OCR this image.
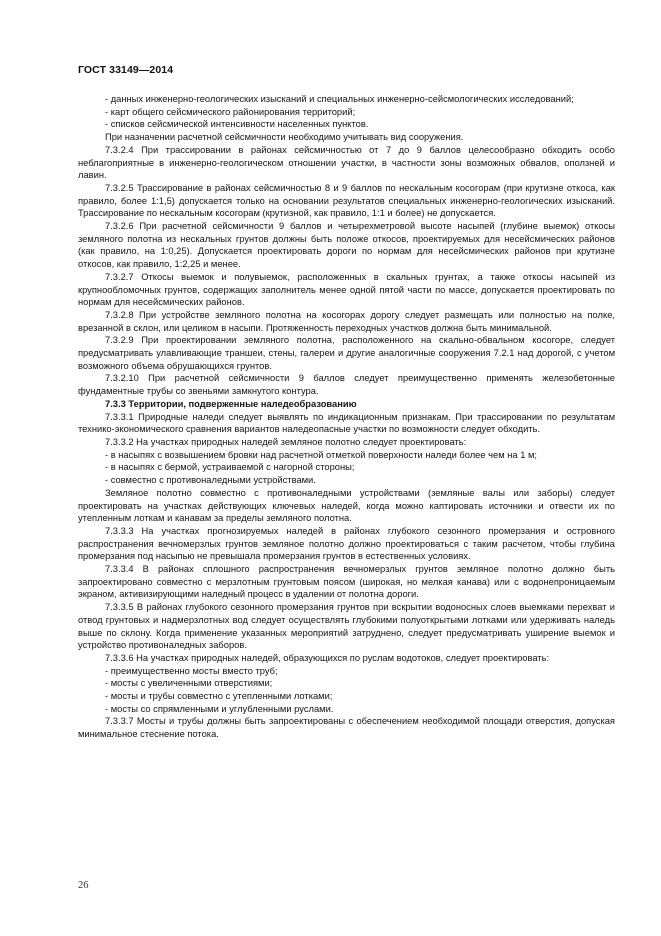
ГОСТ 33149—2014

- данных инженерно-геологических изысканий и специальных инженерно-сейсмологических исследований;

- карт общего сейсмического районирования территорий;

- списков сейсмической интенсивности населенных пунктов.

При назначении расчетной сейсмичности необходимо учитывать вид сооружения.

7.3.2.4 При трассировании в районах сейсмичностью от 7 до 9 баллов целесообразно обходить особо неблагоприятные в инженерно-геологическом отношении участки, в частности зоны возможных обвалов, оползней и лавин.

7.3.2.5 Трассирование в районах сейсмичностью 8 и 9 баллов по нескальным косогорам (при крутизне откоса, как правило, более 1:1,5) допускается только на основании результатов специальных инженерно-геологических изысканий. Трассирование по нескальным косогорам (крутизной, как правило, 1:1 и более) не допускается.

7.3.2.6 При расчетной сейсмичности 9 баллов и четырехметровой высоте насыпей (глубине выемок) откосы земляного полотна из нескальных грунтов должны быть положе откосов, проектируемых для несейсмических районов (как правило, на 1:0,25). Допускается проектировать дороги по нормам для несейсмических районов при крутизне откосов, как правило, 1:2,25 и менее.

7.3.2.7 Откосы выемок и полувыемок, расположенных в скальных грунтах, а также откосы насыпей из крупнообломочных грунтов, содержащих заполнитель менее одной пятой части по массе, допускается проектировать по нормам для несейсмических районов.

7.3.2.8 При устройстве земляного полотна на косогорах дорогу следует размещать или полностью на полке, врезанной в склон, или целиком в насыпи. Протяженность переходных участков должна быть минимальной.

7.3.2.9 При проектировании земляного полотна, расположенного на скально-обвальном косогоре, следует предусматривать улавливающие траншеи, стены, галереи и другие аналогичные сооружения 7.2.1 над дорогой, с учетом возможного объема обрушающихся грунтов.

7.3.2.10 При расчетной сейсмичности 9 баллов следует преимущественно применять железобетонные фундаментные трубы со звеньями замкнутого контура.

7.3.3 Территории, подверженные наледеобразованию

7.3.3.1 Природные наледи следует выявлять по индикационным признакам. При трассировании по результатам технико-экономического сравнения вариантов наледеопасные участки по возможности следует обходить.

7.3.3.2 На участках природных наледей земляное полотно следует проектировать:

- в насыпях с возвышением бровки над расчетной отметкой поверхности наледи более чем на 1 м;

- в насыпях с бермой, устраиваемой с нагорной стороны;

- совместно с противоналедными устройствами.

Земляное полотно совместно с противоналедными устройствами (земляные валы или заборы) следует проектировать на участках действующих ключевых наледей, когда можно каптировать источники и отвести их по утепленным лоткам и канавам за пределы земляного полотна.

7.3.3.3 На участках прогнозируемых наледей в районах глубокого сезонного промерзания и островного распространения вечномерзлых грунтов земляное полотно должно проектироваться с таким расчетом, чтобы глубина промерзания под насыпью не превышала промерзания грунтов в естественных условиях.

7.3.3.4 В районах сплошного распространения вечномерзлых грунтов земляное полотно должно быть запроектировано совместно с мерзлотным грунтовым поясом (широкая, но мелкая канава) или с водонепроницаемым экраном, активизирующими наледный процесс в удалении от полотна дороги.

7.3.3.5 В районах глубокого сезонного промерзания грунтов при вскрытии водоносных слоев выемками перехват и отвод грунтовых и надмерзлотных вод следует осуществлять глубокими полуоткрытыми лотками или удерживать наледь выше по склону. Когда применение указанных мероприятий затруднено, следует предусматривать уширение выемок и устройство противоналедных заборов.

7.3.3.6 На участках природных наледей, образующихся по руслам водотоков, следует проектировать:

- преимущественно мосты вместо труб;

- мосты с увеличенными отверстиями;

- мосты и трубы совместно с утепленными лотками;

- мосты со спрямленными и углубленными руслами.

7.3.3.7 Мосты и трубы должны быть запроектированы с обеспечением необходимой площади отверстия, допуская минимальное стеснение потока.

26
